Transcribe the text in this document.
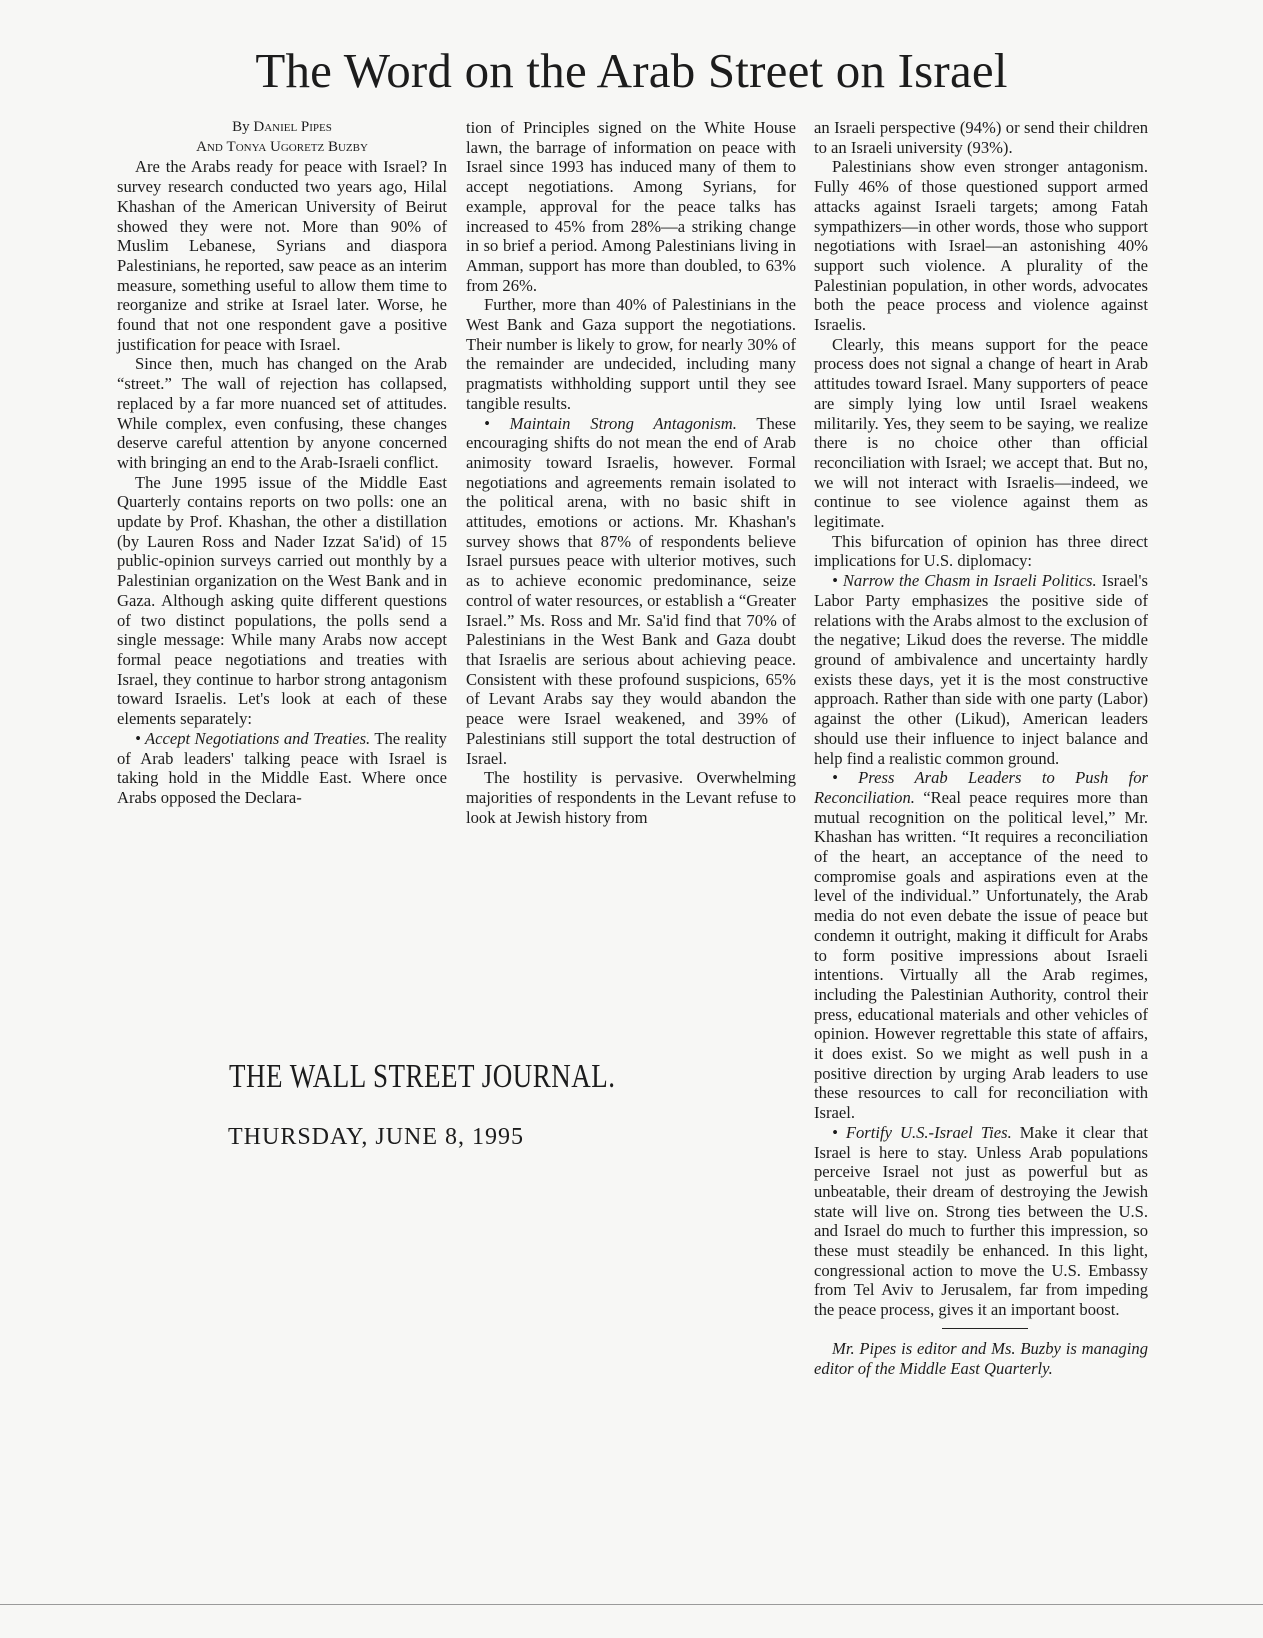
The Word on the Arab Street on Israel

By Daniel Pipes

And Tonya Ugoretz Buzby

Are the Arabs ready for peace with Israel? In survey research conducted two years ago, Hilal Khashan of the American University of Beirut showed they were not. More than 90% of Muslim Lebanese, Syrians and diaspora Palestinians, he reported, saw peace as an interim measure, something useful to allow them time to reorganize and strike at Israel later. Worse, he found that not one respondent gave a positive justification for peace with Israel.

Since then, much has changed on the Arab “street.” The wall of rejection has collapsed, replaced by a far more nuanced set of attitudes. While complex, even confusing, these changes deserve careful attention by anyone concerned with bringing an end to the Arab-Israeli conflict.

The June 1995 issue of the Middle East Quarterly contains reports on two polls: one an update by Prof. Khashan, the other a distillation (by Lauren Ross and Nader Izzat Sa'id) of 15 public-opinion surveys carried out monthly by a Palestinian organization on the West Bank and in Gaza. Although asking quite different questions of two distinct populations, the polls send a single message: While many Arabs now accept formal peace negotiations and treaties with Israel, they continue to harbor strong antagonism toward Israelis. Let's look at each of these elements separately:

• Accept Negotiations and Treaties. The reality of Arab leaders' talking peace with Israel is taking hold in the Middle East. Where once Arabs opposed the Declara-

tion of Principles signed on the White House lawn, the barrage of information on peace with Israel since 1993 has induced many of them to accept negotiations. Among Syrians, for example, approval for the peace talks has increased to 45% from 28%—a striking change in so brief a period. Among Palestinians living in Amman, support has more than doubled, to 63% from 26%.

Further, more than 40% of Palestinians in the West Bank and Gaza support the negotiations. Their number is likely to grow, for nearly 30% of the remainder are undecided, including many pragmatists withholding support until they see tangible results.

• Maintain Strong Antagonism. These encouraging shifts do not mean the end of Arab animosity toward Israelis, however. Formal negotiations and agreements remain isolated to the political arena, with no basic shift in attitudes, emotions or actions. Mr. Khashan's survey shows that 87% of respondents believe Israel pursues peace with ulterior motives, such as to achieve economic predominance, seize control of water resources, or establish a “Greater Israel.” Ms. Ross and Mr. Sa'id find that 70% of Palestinians in the West Bank and Gaza doubt that Israelis are serious about achieving peace. Consistent with these profound suspicions, 65% of Levant Arabs say they would abandon the peace were Israel weakened, and 39% of Palestinians still support the total destruction of Israel.

The hostility is pervasive. Overwhelming majorities of respondents in the Levant refuse to look at Jewish history from

an Israeli perspective (94%) or send their children to an Israeli university (93%).

Palestinians show even stronger antagonism. Fully 46% of those questioned support armed attacks against Israeli targets; among Fatah sympathizers—in other words, those who support negotiations with Israel—an astonishing 40% support such violence. A plurality of the Palestinian population, in other words, advocates both the peace process and violence against Israelis.

Clearly, this means support for the peace process does not signal a change of heart in Arab attitudes toward Israel. Many supporters of peace are simply lying low until Israel weakens militarily. Yes, they seem to be saying, we realize there is no choice other than official reconciliation with Israel; we accept that. But no, we will not interact with Israelis—indeed, we continue to see violence against them as legitimate.

This bifurcation of opinion has three direct implications for U.S. diplomacy:

• Narrow the Chasm in Israeli Politics. Israel's Labor Party emphasizes the positive side of relations with the Arabs almost to the exclusion of the negative; Likud does the reverse. The middle ground of ambivalence and uncertainty hardly exists these days, yet it is the most constructive approach. Rather than side with one party (Labor) against the other (Likud), American leaders should use their influence to inject balance and help find a realistic common ground.

• Press Arab Leaders to Push for Reconciliation. “Real peace requires more than mutual recognition on the political level,” Mr. Khashan has written. “It requires a reconciliation of the heart, an acceptance of the need to compromise goals and aspirations even at the level of the individual.” Unfortunately, the Arab media do not even debate the issue of peace but condemn it outright, making it difficult for Arabs to form positive impressions about Israeli intentions. Virtually all the Arab regimes, including the Palestinian Authority, control their press, educational materials and other vehicles of opinion. However regrettable this state of affairs, it does exist. So we might as well push in a positive direction by urging Arab leaders to use these resources to call for reconciliation with Israel.

• Fortify U.S.-Israel Ties. Make it clear that Israel is here to stay. Unless Arab populations perceive Israel not just as powerful but as unbeatable, their dream of destroying the Jewish state will live on. Strong ties between the U.S. and Israel do much to further this impression, so these must steadily be enhanced. In this light, congressional action to move the U.S. Embassy from Tel Aviv to Jerusalem, far from impeding the peace process, gives it an important boost.

Mr. Pipes is editor and Ms. Buzby is managing editor of the Middle East Quarterly.

THE WALL STREET JOURNAL.
THURSDAY, JUNE 8, 1995
